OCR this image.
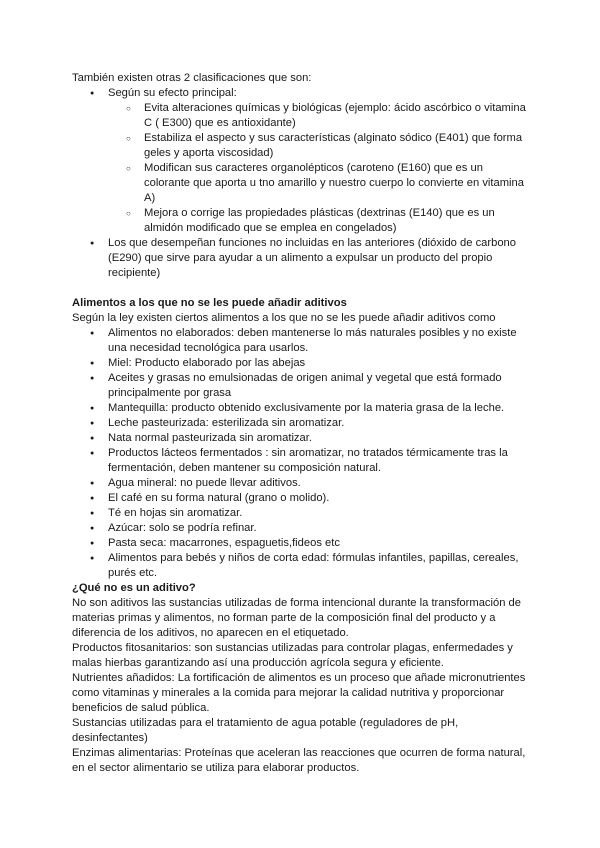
También existen otras 2 clasificaciones que son:

● Según su efecto principal:
○ Evita alteraciones químicas y biológicas (ejemplo: ácido ascórbico o vitamina C ( E300) que es antioxidante)
○ Estabiliza el aspecto y sus características (alginato sódico (E401) que forma geles y aporta viscosidad)
○ Modifican sus caracteres organolépticos (caroteno (E160) que es un colorante que aporta u tno amarillo y nuestro cuerpo lo convierte en vitamina A)
○ Mejora o corrige las propiedades plásticas (dextrinas (E140) que es un almidón modificado que se emplea en congelados)
● Los que desempeñan funciones no incluidas en las anteriores (dióxido de carbono (E290) que sirve para ayudar a un alimento a expulsar un producto del propio recipiente)

Alimentos a los que no se les puede añadir aditivos

Según la ley existen ciertos alimentos a los que no se les puede añadir aditivos como

● Alimentos no elaborados: deben mantenerse lo más naturales posibles y no existe una necesidad tecnológica para usarlos.
● Miel: Producto elaborado por las abejas
● Aceites y grasas no emulsionadas de origen animal y vegetal que está formado principalmente por grasa
● Mantequilla: producto obtenido exclusivamente por la materia grasa de la leche.
● Leche pasteurizada: esterilizada sin aromatizar.
● Nata normal pasteurizada sin aromatizar.
● Productos lácteos fermentados : sin aromatizar, no tratados térmicamente tras la fermentación, deben mantener su composición natural.
● Agua mineral: no puede llevar aditivos.
● El café en su forma natural (grano o molido).
● Té en hojas sin aromatizar.
● Azúcar: solo se podría refinar.
● Pasta seca: macarrones, espaguetis,fideos etc
● Alimentos para bebés y niños de corta edad: fórmulas infantiles, papillas, cereales, purés etc.

¿Qué no es un aditivo?

No son aditivos las sustancias utilizadas de forma intencional durante la transformación de materias primas y alimentos, no forman parte de la composición final del producto y a diferencia de los aditivos, no aparecen en el etiquetado.

Productos fitosanitarios: son sustancias utilizadas para controlar plagas, enfermedades y malas hierbas garantizando así una producción agrícola segura y eficiente.

Nutrientes añadidos: La fortificación de alimentos es un proceso que añade micronutrientes como vitaminas y minerales a la comida para mejorar la calidad nutritiva y proporcionar beneficios de salud pública.

Sustancias utilizadas para el tratamiento de agua potable (reguladores de pH, desinfectantes)

Enzimas alimentarias: Proteínas que aceleran las reacciones que ocurren de forma natural, en el sector alimentario se utiliza para elaborar productos.
